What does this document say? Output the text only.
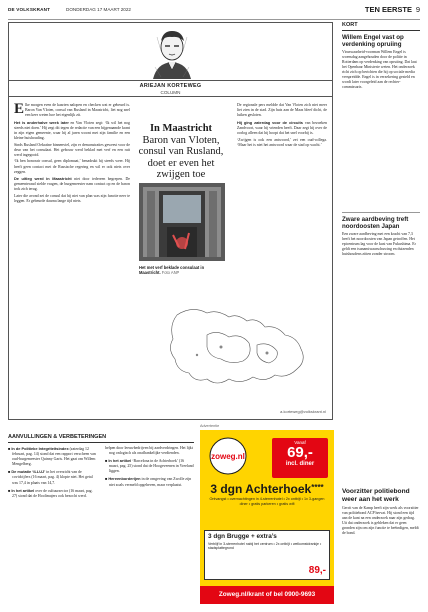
DE VOLKSKRANT	DONDERDAG 17 MAART 2022	TEN EERSTE 9
ARIEJAN KORTEWEG
COLUMN

Elke morgen even de kaarten nalopen en checken wat er gebeurd is. Baron Van Vloten, consul van Rusland in Maastricht, liet nog snel een keer weten hoe het eigenlijk zit.

Het is anderhalve week later en Van Vloten zegt: ‘Ik wil het nog steeds niet doen.’ Hij zegt dit tegen de redactie van een bijgenaamde krant in zijn eigen gemeente, waar hij al jaren woont met zijn familie en een kleine huishouding.

Sinds Rusland Oekraïne binnenviel, zijn er demonstraties geweest voor de deur van het consulaat. Het gebouw werd beklad met verf en een ruit werd ingegooid.

‘Ik ben honorair consul, geen diplomaat,’ benadrukt hij steeds weer. Hij heeft geen contact met de Russische regering en wil er ook niets over zeggen.

De uitleg werd in Maastricht niet door iedereen begrepen. De gemeenteraad stelde vragen, de burgemeester nam contact op en de baron trok zich terug.

Later die avond zei de consul dat hij niet van plan was zijn functie neer te leggen. Er gebeurde daarna lange tijd niets.

In Maastricht
Baron van Vloten, consul van Rusland, doet er even het zwijgen toe
Het met verf beklade consulaat in Maastricht. Foto ANP

De regionale pers meldde dat Van Vloten zich niet meer liet zien in de stad. Zijn huis aan de Maas bleef dicht, de luiken gesloten.

Hij ging zaterdag voor de circuits van bezoeken Zandvoort, waar hij vrienden heeft. Daar zegt hij over de oorlog alleen dat hij hoopt dat het snel voorbij is.

‘Zwijgen is ook een antwoord,’ zei een oud-collega. ‘Maar het is niet het antwoord waar de stad op wacht.’

a.korteweg@volkskrant.nl
KORT
Willem Engel vast op verdenking opruiing
Viruswaarheid-voorman Willem Engel is woensdag aangehouden door de politie in Rotterdam op verdenking van opruiing. Dat laat het Openbaar Ministerie weten. Het onderzoek richt zich op berichten die hij op sociale media verspreidde. Engel is in verzekering gesteld en wordt later voorgeleid aan de rechter-commissaris.
Zware aardbeving treft noordoosten Japan
Een zware aardbeving met een kracht van 7,3 heeft het noordoosten van Japan getroffen. Het epicentrum lag voor de kust van Fukushima. Er geldt een tsunamiwaarschuwing en duizenden huishoudens zitten zonder stroom.
AANVULLINGEN & VERBETERINGEN

■ In de Politieke Integriteitsindex (zaterdag 12 februari, pag. 14) stond dat een rapport verscheen van oud-burgemeester Quinny Garis. Het gaat om Willem Mengelberg.

■ De mutatie ‘ILLUJ’ in het overzicht van de covidcijfers (16 maart, pag. 4) klopte niet. Het getal was 17,4 in plaats van 14,7.

■ In het artikel over de cultuursector (16 maart, pag. 27) stond dat de Hoolimajers ook bezocht werd.

helpen door leeuwbedrijven bij aardverdringen. Het lijkt nog onlogisch als onafhankelijke verdienden.

■ In het artikel ‘Barcelona in de Achterhoek’ (16 maart, pag. 25) stond dat de Hoogeveenen in Vreeland liggen.

■ Hereenborderijen in de omgeving van Zwolle zijn niet zoals vermeld opgeheven, maar verplaatst.

Advertentie
zoweg.nl
Vanaf
69,-
incl. diner
3 dgn Achterhoek****
Ontvangst • overnachtingen in 4-sterrenhotel • 2x ontbijt • 1x 3-gangen diner • gratis parkeren • gratis wifi
3 dgn Brugge + extra’s
Verblijf in 3-sterrenhotel nabij het centrum • 2x ontbijt • welkomstdrankje • stadsplattegrond
89,-
Zoweg.nl/krant of bel 0900-9693
Voorzitter politiebond weer aan het werk
Gerrit van de Kamp heeft zijn werk als voorzitter van politiebond ACP hervat. Hij stond een tijd aan de kant na een onderzoek naar zijn gedrag. Uit dat onderzoek is gebleken dat er geen gronden zijn om zijn functie te beëindigen, meldt de bond.
